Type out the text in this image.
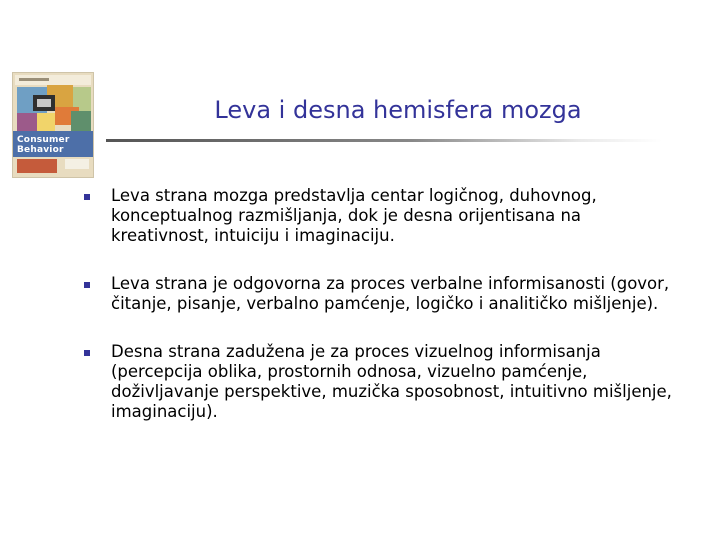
Consumer
Behavior
Leva i desna hemisfera mozga
Leva strana mozga predstavlja centar logičnog, duhovnog, konceptualnog razmišljanja, dok je desna orijentisana na kreativnost, intuiciju i imaginaciju.
Leva strana je odgovorna za proces verbalne informisanosti (govor, čitanje, pisanje, verbalno pamćenje, logičko i analitičko mišljenje).
Desna strana zadužena je za proces vizuelnog informisanja (percepcija oblika, prostornih odnosa, vizuelno pamćenje, doživljavanje perspektive, muzička sposobnost, intuitivno mišljenje, imaginaciju).
